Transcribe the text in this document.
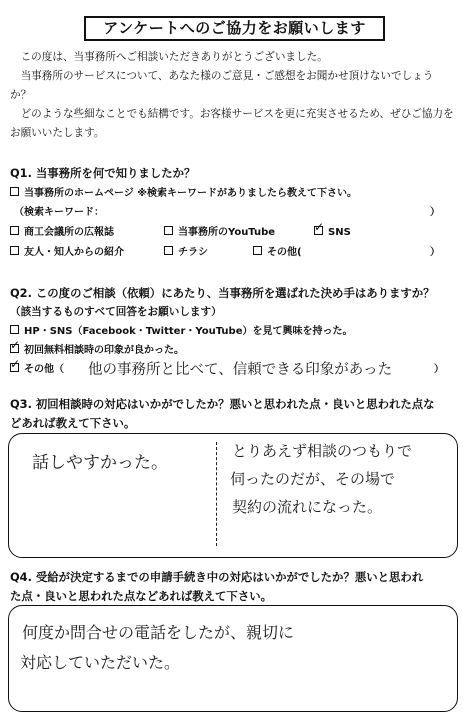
アンケートへのご協力をお願いします
　この度は、当事務所へご相談いただきありがとうございました。
　当事務所のサービスについて、あなた様のご意見・ご感想をお聞かせ頂けないでしょう
か？
　どのような些細なことでも結構です。お客様サービスを更に充実させるため、ぜひご協力を
お願いいたします。
Q1. 当事務所を何で知りましたか？
当事務所のホームページ ※検索キーワードがありましたら教えて下さい。
（検索キーワード：	）
商工会議所の広報誌	当事務所のYouTube	✓ SNS
友人・知人からの紹介	チラシ	その他(	）
Q2. この度のご相談（依頼）にあたり、当事務所を選ばれた決め手はありますか？
（該当するものすべて回答をお願いします）
HP・SNS（Facebook・Twitter・YouTube）を見て興味を持った。
✓ 初回無料相談時の印象が良かった。
✓ その他（ 他の事務所と比べて、信頼できる印象があった	）
Q3. 初回相談時の対応はいかがでしたか？悪いと思われた点・良いと思われた点な
どあれば教えて下さい。
話しやすかった。
とりあえず相談のつもりで
伺ったのだが、その場で
契約の流れになった。
Q4. 受給が決定するまでの申請手続き中の対応はいかがでしたか？悪いと思われ
た点・良いと思われた点などあれば教えて下さい。
何度か問合せの電話をしたが、親切に
対応していただいた。
